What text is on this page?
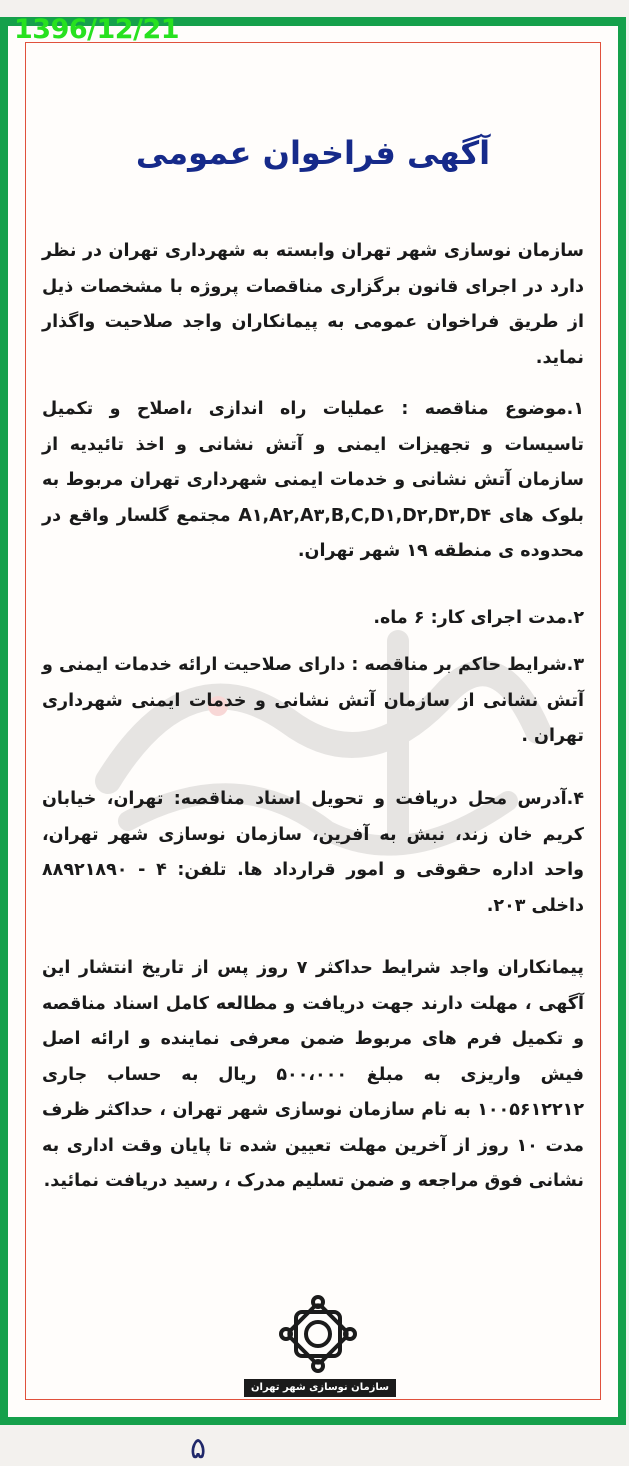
1396/12/21
آگهی فراخوان عمومی
سازمان نوسازی شهر تهران وابسته به شهرداری تهران در نظر دارد در اجرای قانون برگزاری مناقصات پروژه با مشخصات ذیل از طریق فراخوان عمومی به پیمانکاران واجد صلاحیت واگذار نماید.
۱.موضوع مناقصه : عملیات راه اندازی ،اصلاح و تکمیل تاسیسات و تجهیزات ایمنی و آتش نشانی و اخذ تائیدیه از سازمان آتش نشانی و خدمات ایمنی شهرداری تهران مربوط به بلوک های A۱,A۲,A۳,B,C,D۱,D۲,D۳,D۴ مجتمع گلسار واقع در محدوده ی منطقه ۱۹ شهر تهران.
۲.مدت اجرای کار: ۶ ماه.
۳.شرایط حاکم بر مناقصه : دارای صلاحیت ارائه خدمات ایمنی و آتش نشانی از سازمان آتش نشانی و خدمات ایمنی شهرداری تهران .
۴.آدرس محل دریافت و تحویل اسناد مناقصه: تهران، خیابان کریم خان زند، نبش به آفرین، سازمان نوسازی شهر تهران، واحد اداره حقوقی و امور قرارداد ها. تلفن: ۴ - ۸۸۹۲۱۸۹۰ داخلی ۲۰۳.
پیمانکاران واجد شرایط حداکثر ۷ روز پس از تاریخ انتشار این آگهی ، مهلت دارند جهت دریافت و مطالعه کامل اسناد مناقصه و تکمیل فرم های مربوط ضمن معرفی نماینده و ارائه اصل فیش واریزی به مبلغ ۵۰۰،۰۰۰ ریال به حساب جاری ۱۰۰۵۶۱۲۲۱۲ به نام سازمان نوسازی شهر تهران ، حداکثر ظرف مدت ۱۰ روز از آخرین مهلت تعیین شده تا پایان وقت اداری به نشانی فوق مراجعه و ضمن تسلیم مدرک ، رسید دریافت نمائید.
سازمان نوسازی شهر تهران
۵
